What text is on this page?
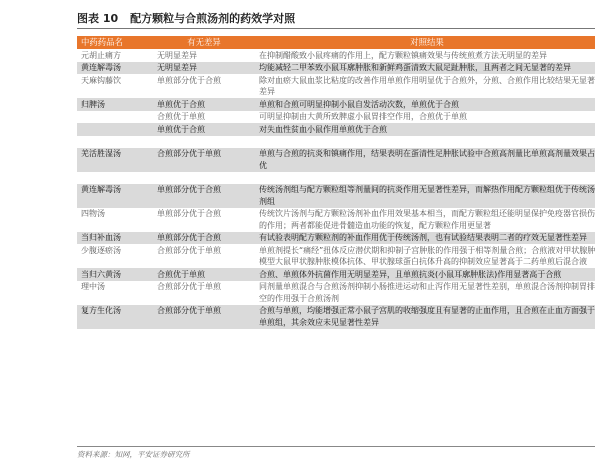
图表 10 配方颗粒与合煎汤剂的药效学对照
中药药品名	有无差异	对照结果
元胡止痛方	无明显差异	在抑制醋酸致小鼠疼痛的作用上，配方颗粒镇痛效果与传统煎煮方法无明显的差异
黄连解毒汤	无明显差异	均能减轻二甲苯致小鼠耳廓肿胀和新鲜鸡蛋清致大鼠足趾肿胀，且两者之间无显著的差异
天麻钩藤饮	单煎部分优于合煎	除对血瘀大鼠血浆比粘度的改善作用单煎作用明显优于合煎外，分煎、合煎作用比较结果无显著差异
归脾汤	单煎优于合煎	单煎和合煎可明显抑制小鼠自发活动次数，单煎优于合煎
	合煎优于单煎	可明显抑制由大黄所致脾虚小鼠胃排空作用，合煎优于单煎
	单煎优于合煎	对失血性贫血小鼠作用单煎优于合煎

羌活胜湿汤	合煎部分优于单煎	单煎与合煎的抗炎和镇痛作用，结果表明在蛋清性足肿胀试验中合煎高剂量比单煎高剂量效果占优

黄连解毒汤	单煎部分优于合煎	传统汤剂组与配方颗粒组等剂量间的抗炎作用无显著性差异，而解热作用配方颗粒组优于传统汤剂组
四物汤	单煎部分优于合煎	传统饮片汤剂与配方颗粒汤剂补血作用效果基本相当，而配方颗粒组还能明显保护免疫器官损伤的作用；两者都能促进骨髓造血功能的恢复，配方颗粒作用更显著
当归补血汤	单煎部分优于合煎	有试验表明配方颗粒剂的补血作用优于传统汤剂，也有试验结果表明二者的疗效无显著性差异
少腹逐瘀汤	合煎部分优于单煎	单煎剂提长“痛经”扭体反应潜伏期和抑制子宫肿胀的作用强于相等剂量合煎；合煎液对甲状腺肿模型大鼠甲状腺肿胀模体抗体、甲状腺球蛋白抗体升高的抑制效应显著高于二药单煎后混合液
当归六黄汤	合煎优于单煎	合煎、单煎体外抗菌作用无明显差异，且单煎抗炎(小鼠耳廓肿胀法)作用显著高于合煎
理中汤	合煎部分优于单煎	同剂量单煎混合与合煎汤剂抑制小肠推进运动和止泻作用无显著性差别，单煎混合汤剂抑制胃排空的作用强于合煎汤剂
复方生化汤	合煎部分优于单煎	合煎与单煎，均能增强正常小鼠子宫肌的收缩强度且有显著的止血作用，且合煎在止血方面强于单煎组，其余效应未见显著性差异
资料来源：知网，平安证券研究所
